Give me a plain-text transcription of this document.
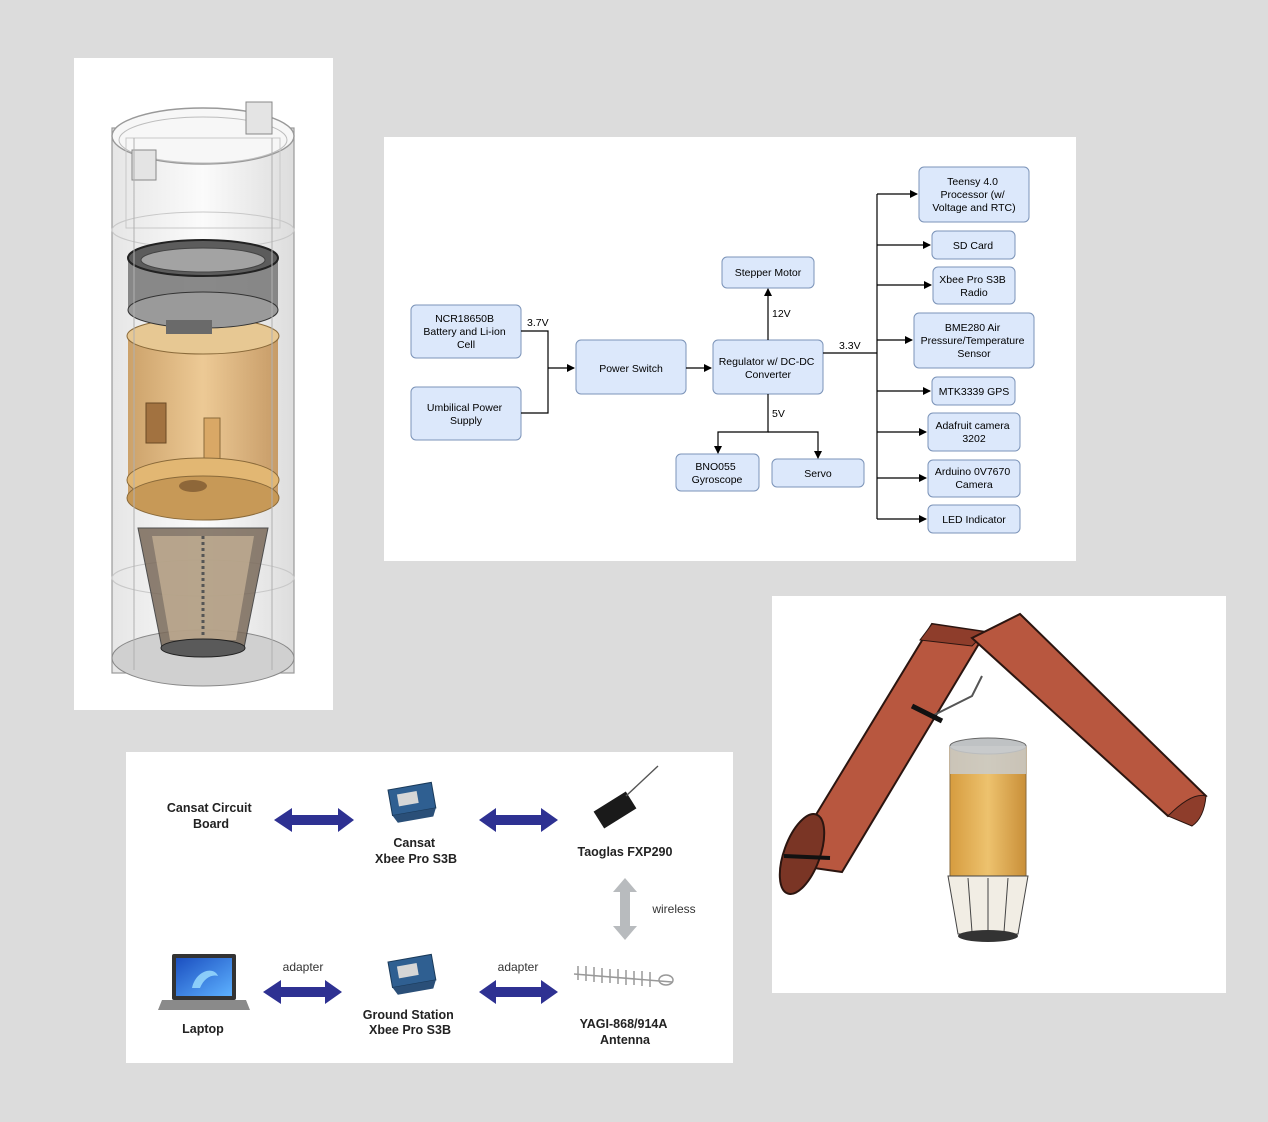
NCR18650B Battery and Li-ion Cell
Umbilical Power Supply
Power Switch
Regulator w/ DC-DC Converter
Stepper Motor
BNO055 Gyroscope	Servo
Teensy 4.0 Processor (w/ Voltage and RTC)
SD Card
Xbee Pro S3B Radio
BME280 Air Pressure/Temperature Sensor
MTK3339 GPS
Adafruit camera 3202
Arduino 0V7670 Camera
LED Indicator
3.7V
12V
5V
3.3V
Cansat Circuit Board
Cansat Xbee Pro S3B	Taoglas FXP290
Laptop
Ground Station Xbee Pro S3B	YAGI-868/914A Antenna
wireless
adapter	adapter
